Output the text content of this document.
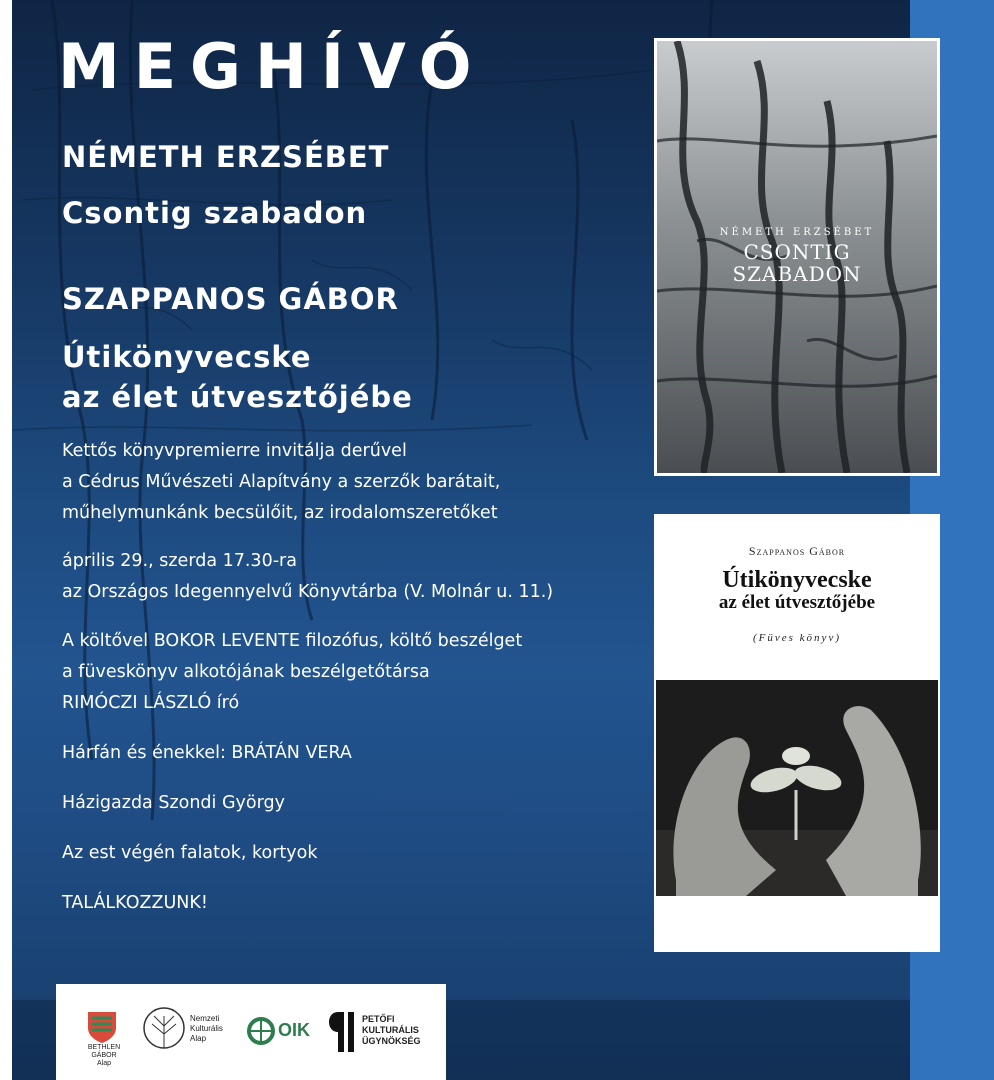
MEGHÍVÓ
NÉMETH ERZSÉBET
Csontig szabadon
SZAPPANOS GÁBOR
Útikönyvecske
az élet útvesztőjébe
Kettős könyvpremierre invitálja derűvel
a Cédrus Művészeti Alapítvány a szerzők barátait,
műhelymunkánk becsülőit, az irodalomszeretőket
április 29., szerda 17.30-ra
az Országos Idegennyelvű Könyvtárba (V. Molnár u. 11.)
A költővel BOKOR LEVENTE filozófus, költő beszélget
a füveskönyv alkotójának beszélgetőtársa
RIMÓCZI LÁSZLÓ író
Hárfán és énekkel: BRÁTÁN VERA
Házigazda Szondi György
Az est végén falatok, kortyok
TALÁLKOZZUNK!
NÉMETH ERZSÉBET
CSONTIG
SZABADON
Szappanos Gábor
Útikönyvecske
az élet útvesztőjébe
(Füves könyv)
BETHLEN GÁBOR
Alap
Nemzeti
Kulturális
Alap	OIK
PETŐFI
KULTURÁLIS
ÜGYNÖKSÉG
